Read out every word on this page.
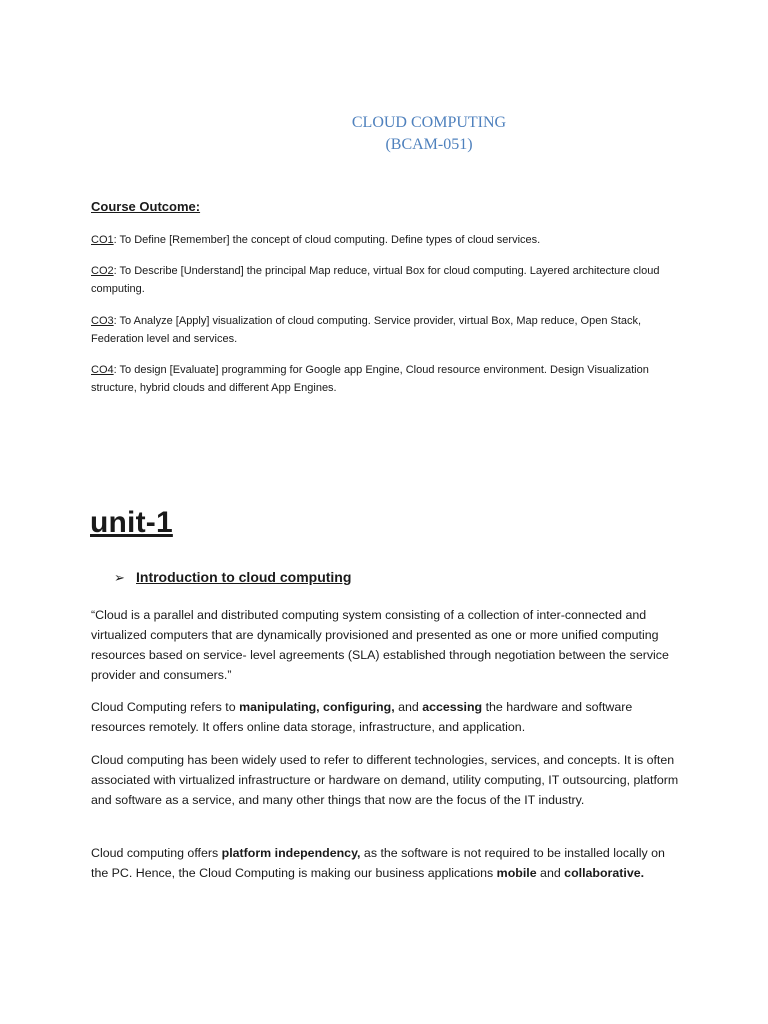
CLOUD COMPUTING
(BCAM-051)
Course Outcome:
CO1: To Define [Remember] the concept of cloud computing. Define types of cloud services.
CO2: To Describe [Understand] the principal Map reduce, virtual Box for cloud computing. Layered architecture cloud computing.
CO3: To Analyze [Apply] visualization of cloud computing. Service provider, virtual Box, Map reduce, Open Stack, Federation level and services.
CO4: To design [Evaluate] programming for Google app Engine, Cloud resource environment. Design Visualization structure, hybrid clouds and different App Engines.
unit-1
➢ Introduction to cloud computing
“Cloud is a parallel and distributed computing system consisting of a collection of inter-connected and virtualized computers that are dynamically provisioned and presented as one or more unified computing resources based on service- level agreements (SLA) established through negotiation between the service provider and consumers.”
Cloud Computing refers to manipulating, configuring, and accessing the hardware and software resources remotely. It offers online data storage, infrastructure, and application.
Cloud computing has been widely used to refer to different technologies, services, and concepts. It is often associated with virtualized infrastructure or hardware on demand, utility computing, IT outsourcing, platform and software as a service, and many other things that now are the focus of the IT industry.
Cloud computing offers platform independency, as the software is not required to be installed locally on the PC. Hence, the Cloud Computing is making our business applications mobile and collaborative.
